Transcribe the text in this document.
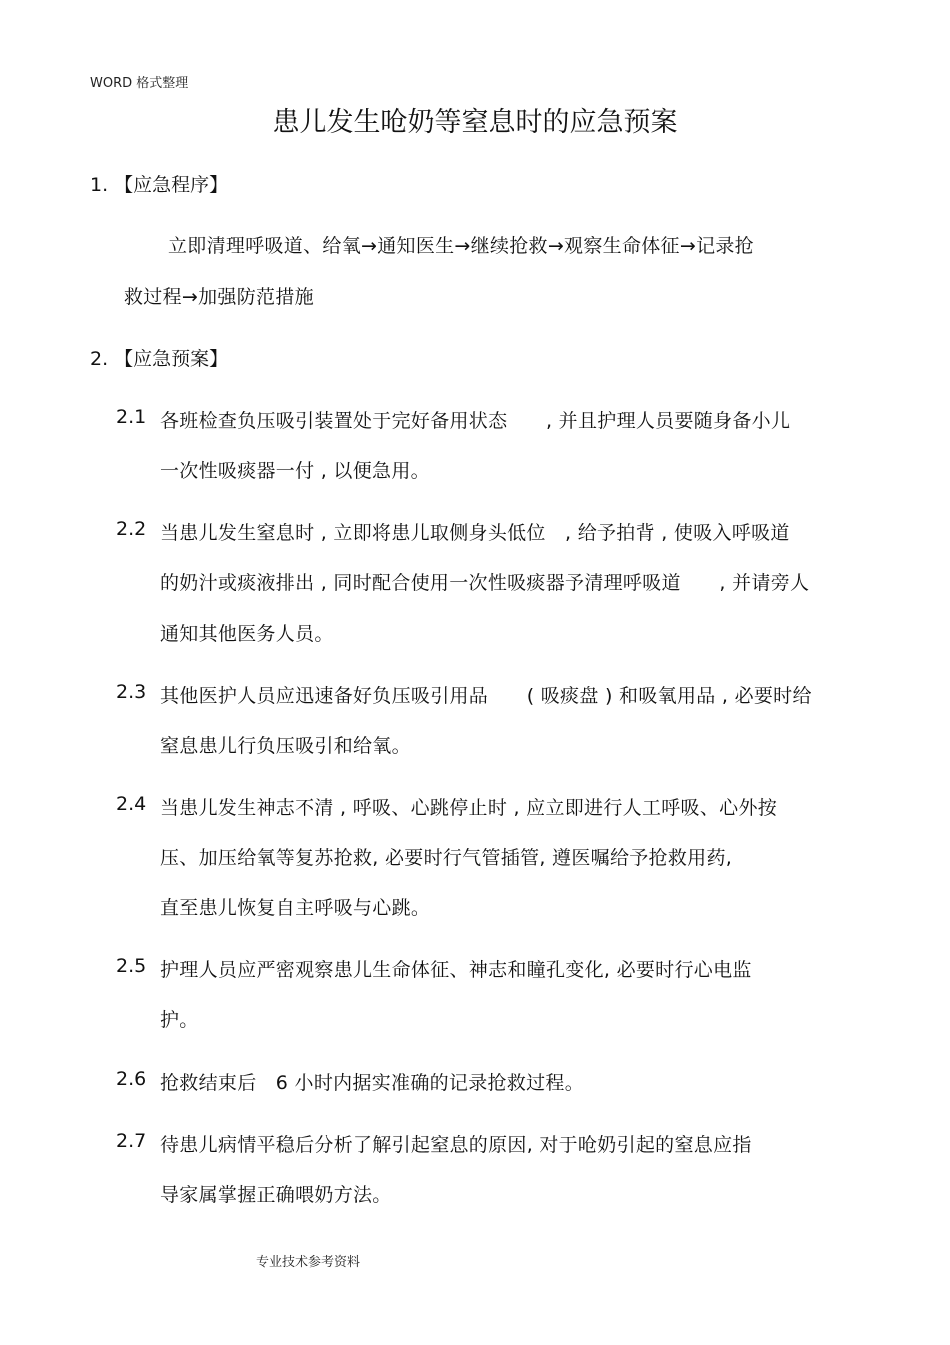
WORD 格式整理
患儿发生呛奶等窒息时的应急预案
1. 【应急程序】
立即清理呼吸道、给氧→通知医生→继续抢救→观察生命体征→记录抢
救过程→加强防范措施
2. 【应急预案】
2.1 各班检查负压吸引装置处于完好备用状态　　, 并且护理人员要随身备小儿
一次性吸痰器一付 , 以便急用。
2.2 当患儿发生窒息时 , 立即将患儿取侧身头低位　, 给予拍背 , 使吸入呼吸道
的奶汁或痰液排出 , 同时配合使用一次性吸痰器予清理呼吸道　　, 并请旁人
通知其他医务人员。
2.3 其他医护人员应迅速备好负压吸引用品　　( 吸痰盘 ) 和吸氧用品 , 必要时给
窒息患儿行负压吸引和给氧。
2.4 当患儿发生神志不清 , 呼吸、心跳停止时 , 应立即进行人工呼吸、心外按
压、加压给氧等复苏抢救, 必要时行气管插管, 遵医嘱给予抢救用药,
直至患儿恢复自主呼吸与心跳。
2.5 护理人员应严密观察患儿生命体征、神志和瞳孔变化, 必要时行心电监
护。
2.6 抢救结束后　6 小时内据实准确的记录抢救过程。
2.7 待患儿病情平稳后分析了解引起窒息的原因, 对于呛奶引起的窒息应指
导家属掌握正确喂奶方法。
专业技术参考资料
